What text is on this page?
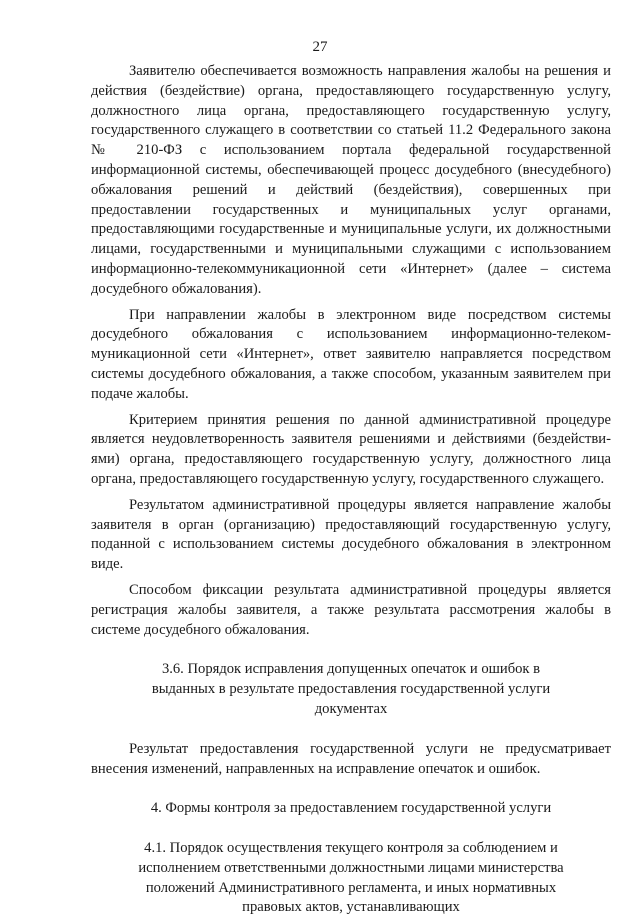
27

Заявителю обеспечивается возможность направления жалобы на решения и действия (бездействие) органа, предоставляющего государственную услугу, должностного лица органа, предоставляющего государственную услугу, государственного служащего в соответствии со статьей 11.2 Федерального закона № 210-ФЗ с использованием портала федеральной государственной информационной системы, обеспечивающей процесс досудебного (внесудебного) обжалования решений и действий (бездействия), совершенных при предоставлении государственных и муниципальных услуг органами, предоставляющими государственные и муниципальные услуги, их должностными лицами, государственными и муниципальными служащими с использованием информационно-телекоммуникационной сети «Интернет» (далее – система досудебного обжалования).

При направлении жалобы в электронном виде посредством системы досудебного обжалования с использованием информационно-телекоммуникационной сети «Интернет», ответ заявителю направляется посредством системы досудебного обжалования, а также способом, указанным заявителем при подаче жалобы.

Критерием принятия решения по данной административной процедуре является неудовлетворенность заявителя решениями и действиями (бездействиями) органа, предоставляющего государственную услугу, должностного лица органа, предоставляющего государственную услугу, государственного служащего.

Результатом административной процедуры является направление жалобы заявителя в орган (организацию) предоставляющий государственную услугу, поданной с использованием системы досудебного обжалования в электронном виде.

Способом фиксации результата административной процедуры является регистрация жалобы заявителя, а также результата рассмотрения жалобы в системе досудебного обжалования.

3.6. Порядок исправления допущенных опечаток и ошибок в выданных в результате предоставления государственной услуги документах

Результат предоставления государственной услуги не предусматривает внесения изменений, направленных на исправление опечаток и ошибок.

4. Формы контроля за предоставлением государственной услуги

4.1. Порядок осуществления текущего контроля за соблюдением и исполнением ответственными должностными лицами министерства положений Административного регламента, и иных нормативных правовых актов, устанавливающих
